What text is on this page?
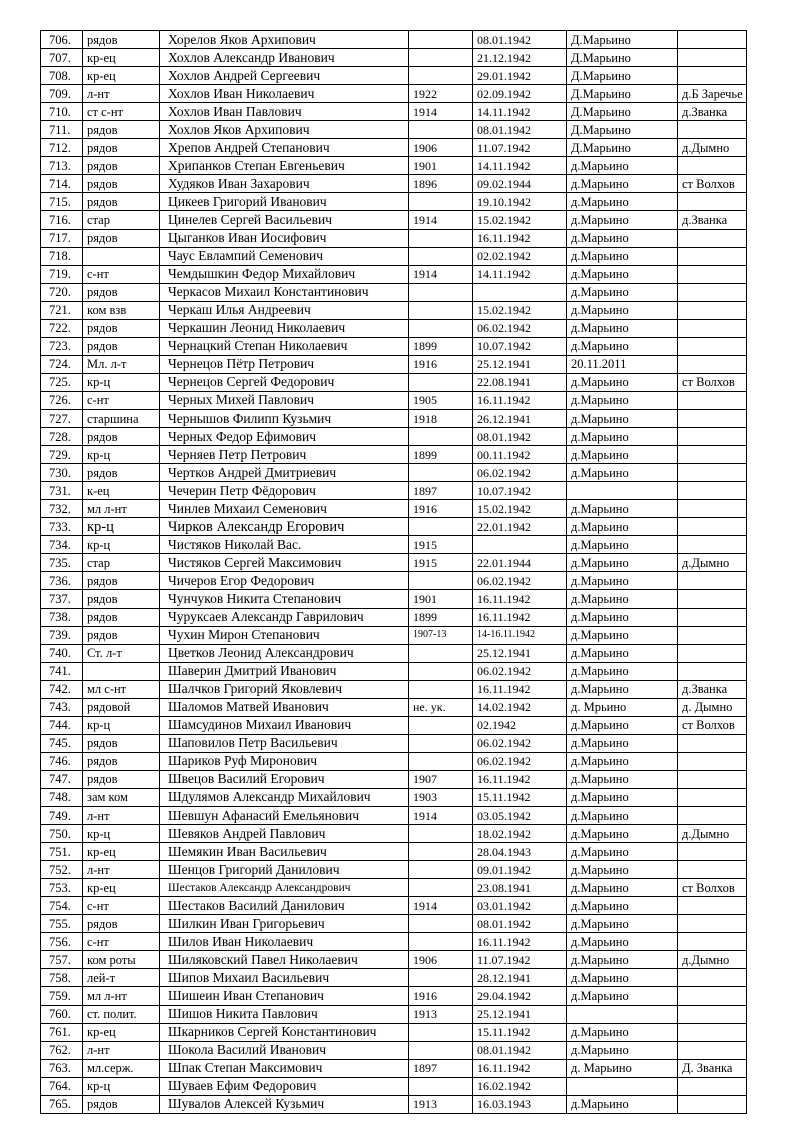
706.	рядов	Хорелов Яков Архипович		08.01.1942	Д.Марьино	
707.	кр-ец	Хохлов Александр Иванович		21.12.1942	Д.Марьино	
708.	кр-ец	Хохлов Андрей Сергеевич		29.01.1942	Д.Марьино	
709.	л-нт	Хохлов Иван Николаевич	1922	02.09.1942	Д.Марьино	д.Б Заречье
710.	ст с-нт	Хохлов Иван Павлович	1914	14.11.1942	Д.Марьино	д.Званка
711.	рядов	Хохлов Яков Архипович		08.01.1942	Д.Марьино	
712.	рядов	Хрепов Андрей Степанович	1906	11.07.1942	Д.Марьино	д.Дымно
713.	рядов	Хрипанков Степан Евгеньевич	1901	14.11.1942	д.Марьино	
714.	рядов	Худяков Иван Захарович	1896	09.02.1944	д.Марьино	ст Волхов
715.	рядов	Цикеев Григорий Иванович		19.10.1942	д.Марьино	
716.	стар	Цинелев Сергей Васильевич	1914	15.02.1942	д.Марьино	д.Званка
717.	рядов	Цыганков Иван Иосифович		16.11.1942	д.Марьино	
718.		Чаус Евлампий Семенович		02.02.1942	д.Марьино	
719.	с-нт	Чемдышкин Федор Михайлович	1914	14.11.1942	д.Марьино	
720.	рядов	Черкасов Михаил Константинович			д.Марьино	
721.	ком взв	Черкаш Илья Андреевич		15.02.1942	д.Марьино	
722.	рядов	Черкашин Леонид Николаевич		06.02.1942	д.Марьино	
723.	рядов	Чернацкий Степан Николаевич	1899	10.07.1942	д.Марьино	
724.	Мл. л-т	Чернецов Пётр Петрович	1916	25.12.1941	20.11.2011	
725.	кр-ц	Чернецов Сергей Федорович		22.08.1941	д.Марьино	ст Волхов
726.	с-нт	Черных Михей Павлович	1905	16.11.1942	д.Марьино	
727.	старшина	Чернышов Филипп Кузьмич	1918	26.12.1941	д.Марьино	
728.	рядов	Черных Федор Ефимович		08.01.1942	д.Марьино	
729.	кр-ц	Черняев Петр Петрович	1899	00.11.1942	д.Марьино	
730.	рядов	Чертков Андрей Дмитриевич		06.02.1942	д.Марьино	
731.	к-ец	Чечерин Петр Фёдорович	1897	10.07.1942		
732.	мл л-нт	Чинлев Михаил Семенович	1916	15.02.1942	д.Марьино	
733.	кр-ц	Чирков Александр Егорович		22.01.1942	д.Марьино	
734.	кр-ц	Чистяков Николай Вас.	1915		д.Марьино	
735.	стар	Чистяков Сергей Максимович	1915	22.01.1944	д.Марьино	д.Дымно
736.	рядов	Чичеров Егор Федорович		06.02.1942	д.Марьино	
737.	рядов	Чунчуков Никита Степанович	1901	16.11.1942	д.Марьино	
738.	рядов	Чуруксаев Александр Гаврилович	1899	16.11.1942	д.Марьино	
739.	рядов	Чухин Мирон Степанович	1907-13	14-16.11.1942	д.Марьино	
740.	Ст. л-т	Цветков Леонид Александрович		25.12.1941	д.Марьино	
741.		Шаверин Дмитрий Иванович		06.02.1942	д.Марьино	
742.	мл с-нт	Шалчков Григорий Яковлевич		16.11.1942	д.Марьино	д.Званка
743.	рядовой	Шаломов Матвей Иванович	не. ук.	14.02.1942	д. Мрьино	д. Дымно
744.	кр-ц	Шамсудинов Михаил Иванович		02.1942	д.Марьино	ст Волхов
745.	рядов	Шаповилов Петр Васильевич		06.02.1942	д.Марьино	
746.	рядов	Шариков Руф Миронович		06.02.1942	д.Марьино	
747.	рядов	Швецов Василий Егорович	1907	16.11.1942	д.Марьино	
748.	зам ком	Шдулямов Александр Михайлович	1903	15.11.1942	д.Марьино	
749.	л-нт	Шевшун Афанасий Емельянович	1914	03.05.1942	д.Марьино	
750.	кр-ц	Шевяков Андрей Павлович		18.02.1942	д.Марьино	д.Дымно
751.	кр-ец	Шемякин Иван Васильевич		28.04.1943	д.Марьино	
752.	л-нт	Шенцов Григорий Данилович		09.01.1942	д.Марьино	
753.	кр-ец	Шестаков Александр Александрович		23.08.1941	д.Марьино	ст Волхов
754.	с-нт	Шестаков Василий Данилович	1914	03.01.1942	д.Марьино	
755.	рядов	Шилкин Иван Григорьевич		08.01.1942	д.Марьино	
756.	с-нт	Шилов Иван Николаевич		16.11.1942	д.Марьино	
757.	ком роты	Шиляковский Павел Николаевич	1906	11.07.1942	д.Марьино	д.Дымно
758.	лей-т	Шипов Михаил Васильевич		28.12.1941	д.Марьино	
759.	мл л-нт	Шишеин Иван Степанович	1916	29.04.1942	д.Марьино	
760.	ст. полит.	Шишов Никита Павлович	1913	25.12.1941		
761.	кр-ец	Шкарников Сергей Константинович		15.11.1942	д.Марьино	
762.	л-нт	Шокола Василий Иванович		08.01.1942	д.Марьино	
763.	мл.серж.	Шпак Степан Максимович	1897	16.11.1942	д. Марьино	Д. Званка
764.	кр-ц	Шуваев Ефим Федорович		16.02.1942		
765.	рядов	Шувалов Алексей Кузьмич	1913	16.03.1943	д.Марьино	
